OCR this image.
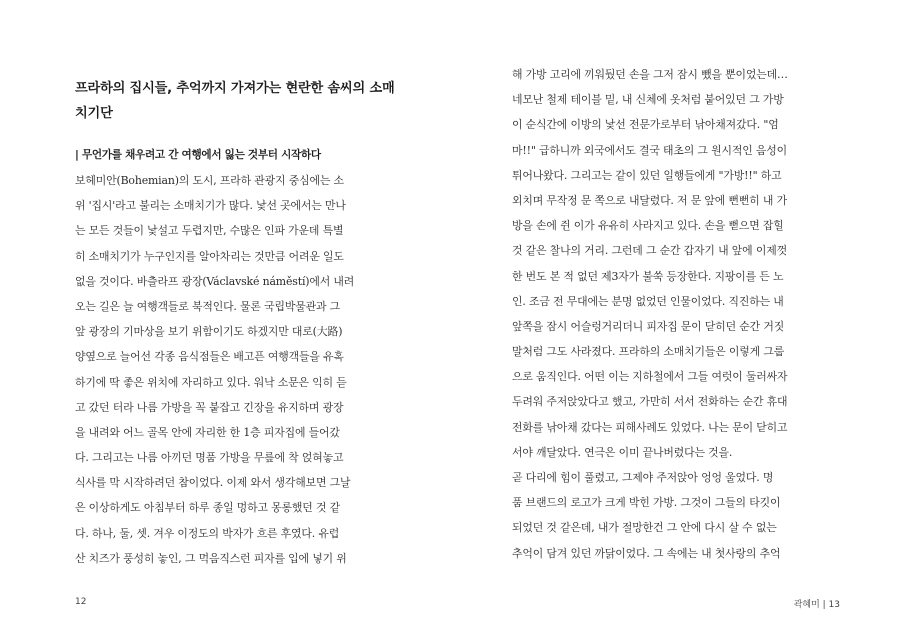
프라하의 집시들, 추억까지 가져가는 현란한 솜씨의 소매
치기단
| 무언가를 채우려고 간 여행에서 잃는 것부터 시작하다
보헤미안(Bohemian)의 도시, 프라하 관광지 중심에는 소
위 '집시'라고 불리는 소매치기가 많다. 낯선 곳에서는 만나
는 모든 것들이 낯설고 두렵지만, 수많은 인파 가운데 특별
히 소매치기가 누구인지를 알아차리는 것만큼 어려운 일도
없을 것이다. 바츨라프 광장(Václavské náměstí)에서 내려
오는 길은 늘 여행객들로 북적인다. 물론 국립박물관과 그
앞 광장의 기마상을 보기 위함이기도 하겠지만 대로(大路)
양옆으로 늘어선 각종 음식점들은 배고픈 여행객들을 유혹
하기에 딱 좋은 위치에 자리하고 있다. 워낙 소문은 익히 듣
고 갔던 터라 나름 가방을 꼭 붙잡고 긴장을 유지하며 광장
을 내려와 어느 골목 안에 자리한 한 1층 피자집에 들어갔
다. 그리고는 나름 아끼던 명품 가방을 무릎에 착 얹혀놓고
식사를 막 시작하려던 참이었다. 이제 와서 생각해보면 그날
은 이상하게도 아침부터 하루 종일 멍하고 몽롱했던 것 같
다. 하나, 둘, 셋. 겨우 이정도의 박자가 흐른 후였다. 유럽
산 치즈가 풍성히 놓인, 그 먹음직스런 피자를 입에 넣기 위
12
해 가방 고리에 끼워뒀던 손을 그저 잠시 뺐을 뿐이었는데…
네모난 철제 테이블 밑, 내 신체에 옷처럼 붙어있던 그 가방
이 순식간에 이방의 낯선 전문가로부터 낚아채져갔다. "엄
마!!" 급하니까 외국에서도 결국 태초의 그 원시적인 음성이
튀어나왔다. 그리고는 같이 있던 일행들에게 "가방!!" 하고
외치며 무작정 문 쪽으로 내달렸다. 저 문 앞에 뻔뻔히 내 가
방을 손에 쥔 이가 유유히 사라지고 있다. 손을 뻗으면 잡힐
것 같은 찰나의 거리. 그런데 그 순간 갑자기 내 앞에 이제껏
한 번도 본 적 없던 제3자가 불쑥 등장한다. 지팡이를 든 노
인. 조금 전 무대에는 분명 없었던 인물이었다. 직진하는 내
앞쪽을 잠시 어슬렁거리더니 피자집 문이 닫히던 순간 거짓
말처럼 그도 사라졌다. 프라하의 소매치기들은 이렇게 그룹
으로 움직인다. 어떤 이는 지하철에서 그들 여럿이 둘러싸자
두려워 주저앉았다고 했고, 가만히 서서 전화하는 순간 휴대
전화를 낚아채 갔다는 피해사례도 있었다. 나는 문이 닫히고
서야 깨달았다. 연극은 이미 끝나버렸다는 것을.
곧 다리에 힘이 풀렸고, 그제야 주저앉아 엉엉 울었다. 명
품 브랜드의 로고가 크게 박힌 가방. 그것이 그들의 타깃이
되었던 것 같은데, 내가 절망한건 그 안에 다시 살 수 없는
추억이 담겨 있던 까닭이었다. 그 속에는 내 첫사랑의 추억
곽혜미 | 13
